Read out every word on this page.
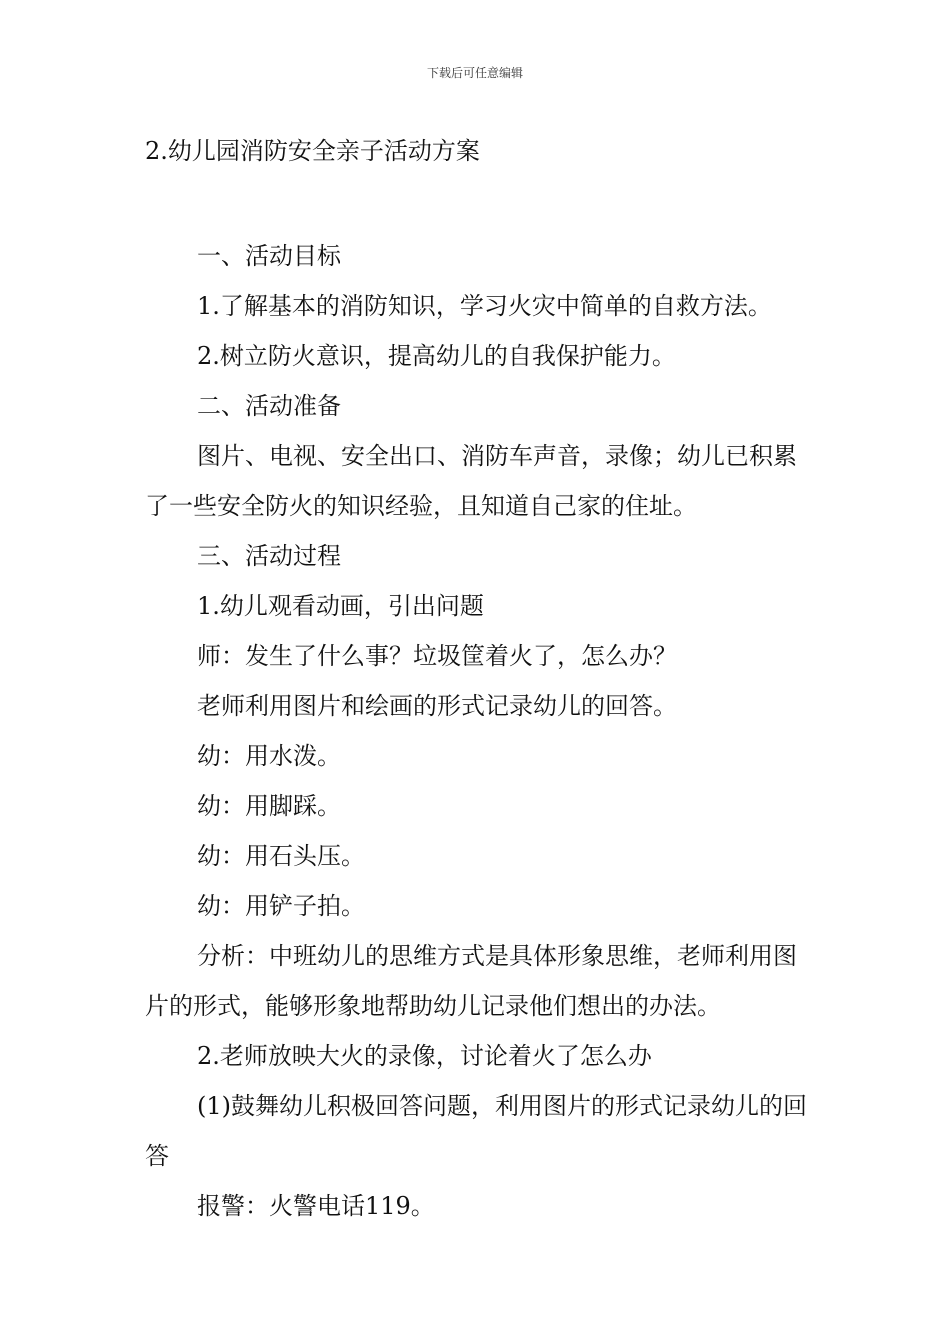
下载后可任意编辑
2.幼儿园消防安全亲子活动方案

一、活动目标

1.了解基本的消防知识，学习火灾中简单的自救方法。

2.树立防火意识，提高幼儿的自我保护能力。

二、活动准备

图片、电视、安全出口、消防车声音，录像；幼儿已积累了一些安全防火的知识经验，且知道自己家的住址。

三、活动过程

1.幼儿观看动画，引出问题

师：发生了什么事？垃圾筐着火了，怎么办？

老师利用图片和绘画的形式记录幼儿的回答。

幼：用水泼。

幼：用脚踩。

幼：用石头压。

幼：用铲子拍。

分析：中班幼儿的思维方式是具体形象思维，老师利用图片的形式，能够形象地帮助幼儿记录他们想出的办法。

2.老师放映大火的录像，讨论着火了怎么办

(1)鼓舞幼儿积极回答问题，利用图片的形式记录幼儿的回答

报警：火警电话119。
